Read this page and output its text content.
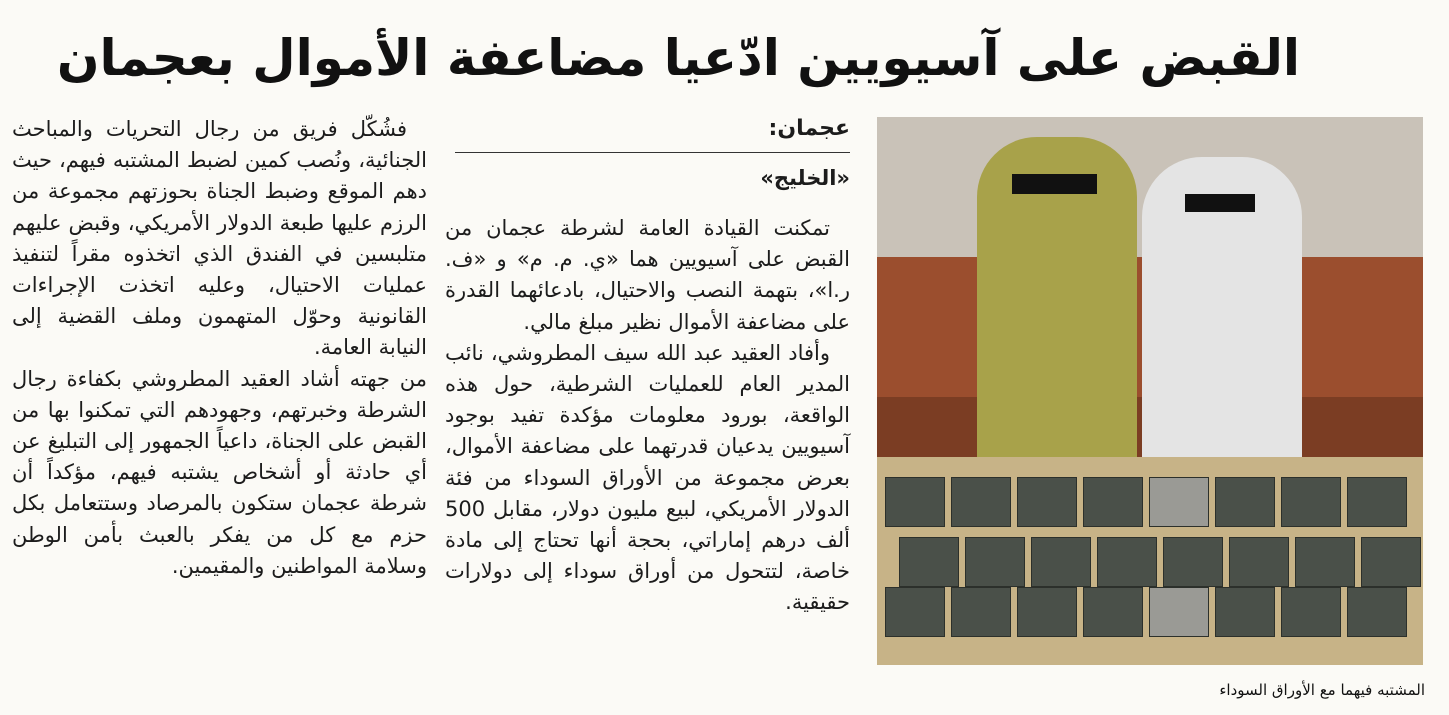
القبض على آسيويين ادّعيا مضاعفة الأموال بعجمان
عجمان:
«الخليج»

تمكنت القيادة العامة لشرطة عجمان من القبض على آسيويين هما «ي. م. م» و «ف. ر.ا»، بتهمة النصب والاحتيال، بادعائهما القدرة على مضاعفة الأموال نظير مبلغ مالي.

وأفاد العقيد عبد الله سيف المطروشي، نائب المدير العام للعمليات الشرطية، حول هذه الواقعة، بورود معلومات مؤكدة تفيد بوجود آسيويين يدعيان قدرتهما على مضاعفة الأموال، بعرض مجموعة من الأوراق السوداء من فئة الدولار الأمريكي، لبيع مليون دولار، مقابل 500 ألف درهم إماراتي، بحجة أنها تحتاج إلى مادة خاصة، لتتحول من أوراق سوداء إلى دولارات حقيقية.

فشُكّل فريق من رجال التحريات والمباحث الجنائية، ونُصب كمين لضبط المشتبه فيهم، حيث دهم الموقع وضبط الجناة بحوزتهم مجموعة من الرزم عليها طبعة الدولار الأمريكي، وقبض عليهم متلبسين في الفندق الذي اتخذوه مقراً لتنفيذ عمليات الاحتيال، وعليه اتخذت الإجراءات القانونية وحوّل المتهمون وملف القضية إلى النيابة العامة.

من جهته أشاد العقيد المطروشي بكفاءة رجال الشرطة وخبرتهم، وجهودهم التي تمكنوا بها من القبض على الجناة، داعياً الجمهور إلى التبليغ عن أي حادثة أو أشخاص يشتبه فيهم، مؤكداً أن شرطة عجمان ستكون بالمرصاد وستتعامل بكل حزم مع كل من يفكر بالعبث بأمن الوطن وسلامة المواطنين والمقيمين.

المشتبه فيهما مع الأوراق السوداء
